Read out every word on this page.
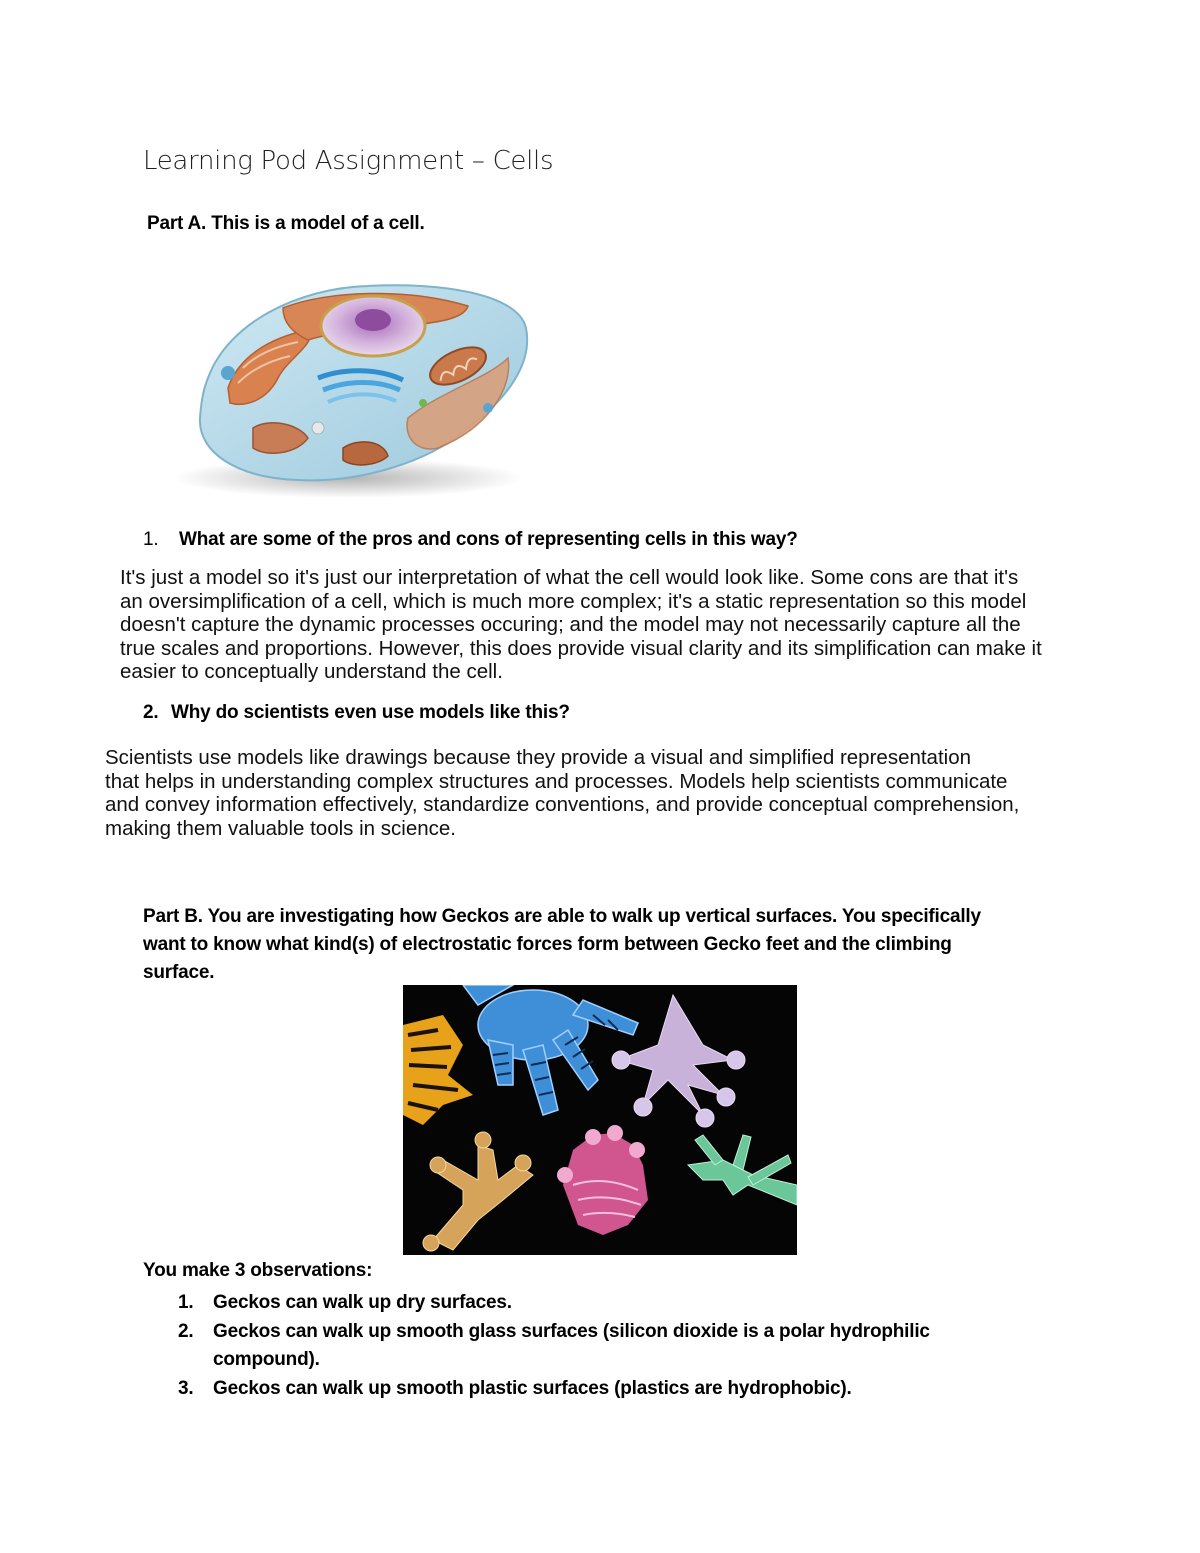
Learning Pod Assignment – Cells
Part A. This is a model of a cell.
1. What are some of the pros and cons of representing cells in this way?
It's just a model so it's just our interpretation of what the cell would look like. Some cons are that it's
an oversimplification of a cell, which is much more complex; it's a static representation so this model
doesn't capture the dynamic processes occuring; and the model may not necessarily capture all the
true scales and proportions. However, this does provide visual clarity and its simplification can make it
easier to conceptually understand the cell.
2. Why do scientists even use models like this?
Scientists use models like drawings because they provide a visual and simplified representation
that helps in understanding complex structures and processes. Models help scientists communicate
and convey information effectively, standardize conventions, and provide conceptual comprehension,
making them valuable tools in science.
Part B. You are investigating how Geckos are able to walk up vertical surfaces. You specifically
want to know what kind(s) of electrostatic forces form between Gecko feet and the climbing
surface.
You make 3 observations:
1.	Geckos can walk up dry surfaces.
2.	Geckos can walk up smooth glass surfaces (silicon dioxide is a polar hydrophilic
compound).
3.	Geckos can walk up smooth plastic surfaces (plastics are hydrophobic).
